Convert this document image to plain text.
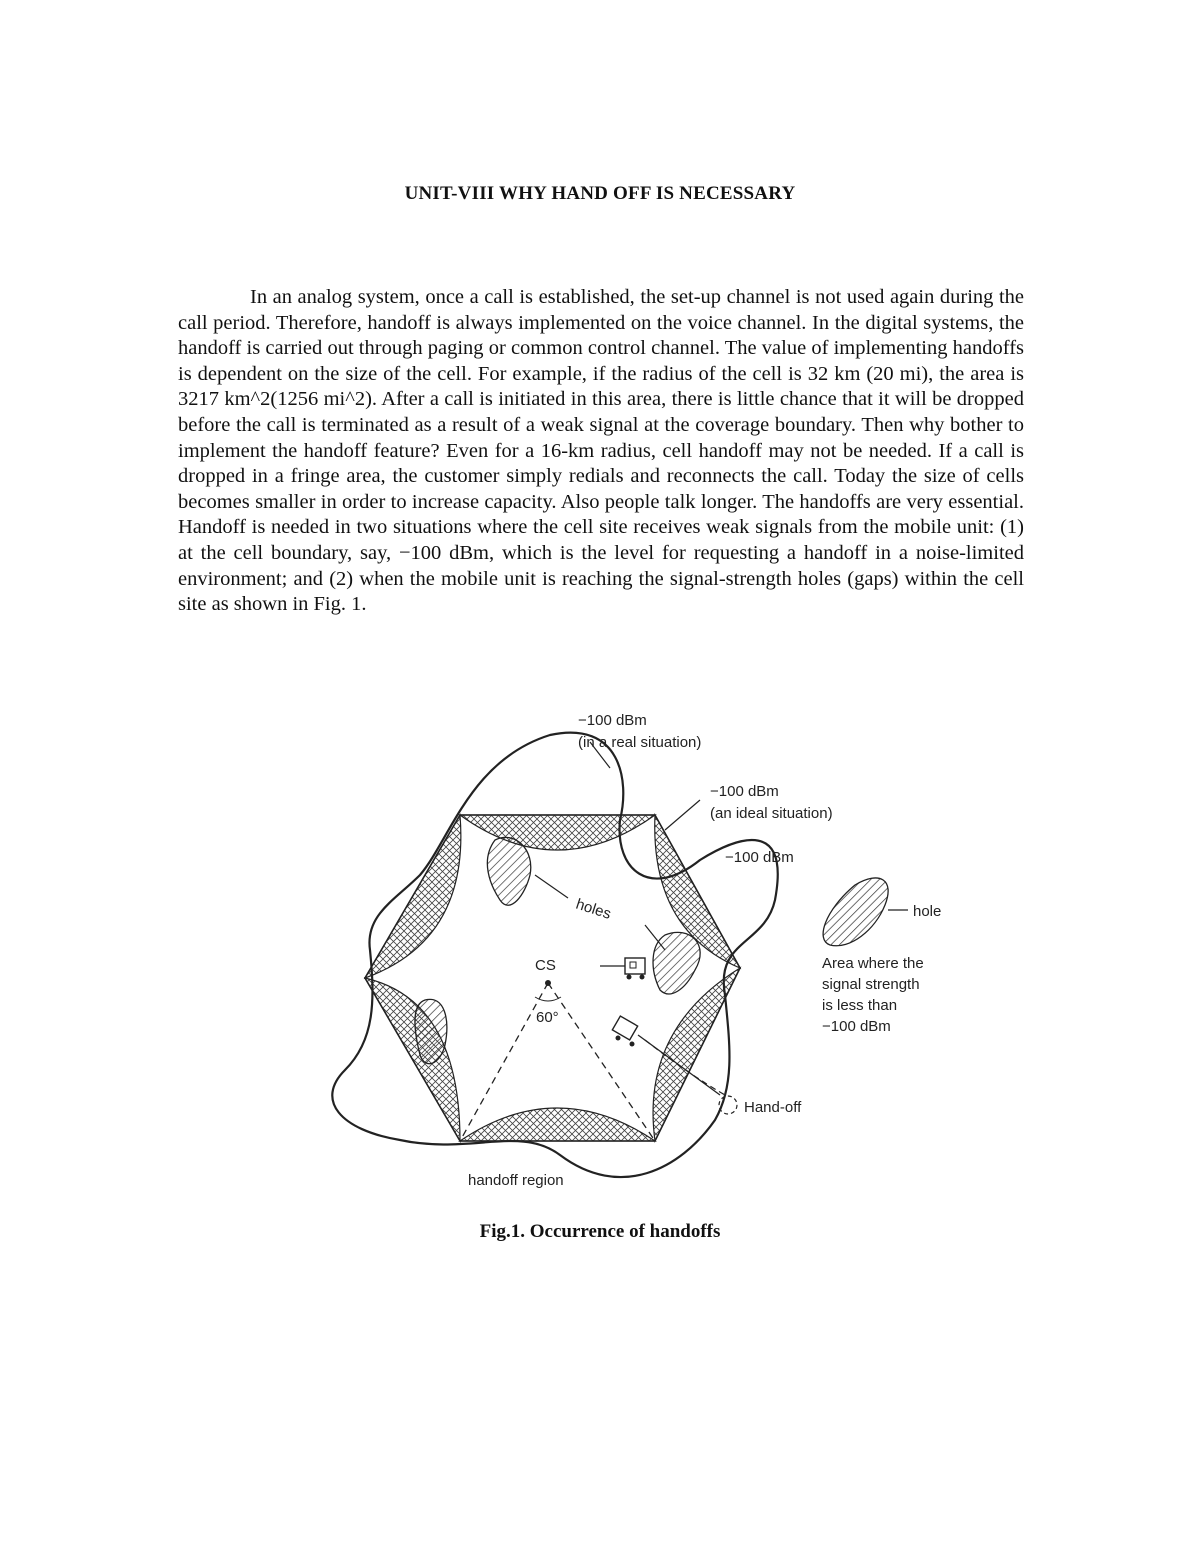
UNIT-VIII WHY HAND OFF IS NECESSARY

In an analog system, once a call is established, the set-up channel is not used again during the call period. Therefore, handoff is always implemented on the voice channel. In the digital systems, the handoff is carried out through paging or common control channel. The value of implementing handoffs is dependent on the size of the cell. For example, if the radius of the cell is 32 km (20 mi), the area is 3217 km^2(1256 mi^2). After a call is initiated in this area, there is little chance that it will be dropped before the call is terminated as a result of a weak signal at the coverage boundary. Then why bother to implement the handoff feature? Even for a 16-km radius, cell handoff may not be needed. If a call is dropped in a fringe area, the customer simply redials and reconnects the call. Today the size of cells becomes smaller in order to increase capacity. Also people talk longer. The handoffs are very essential. Handoff is needed in two situations where the cell site receives weak signals from the mobile unit: (1) at the cell boundary, say, −100 dBm, which is the level for requesting a handoff in a noise-limited environment; and (2) when the mobile unit is reaching the signal-strength holes (gaps) within the cell site as shown in Fig. 1.

−100 dBm
(in a real situation)
−100 dBm
(an ideal situation)
−100 dBm
holes
CS
60°
Hand-off
handoff region
hole
Area where the
signal strength
is less than
−100 dBm
Fig.1. Occurrence of handoffs
